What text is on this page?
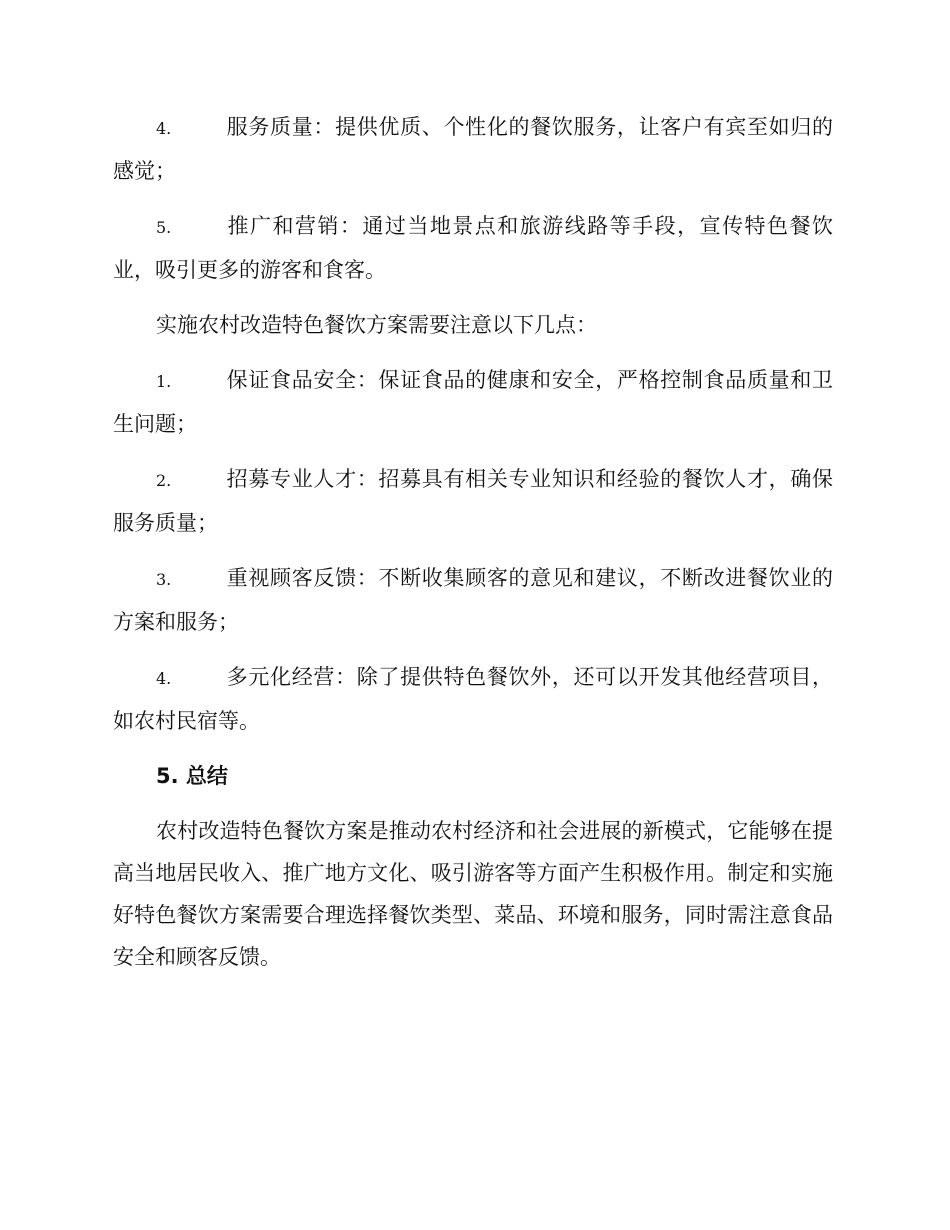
4.	服务质量：提供优质、个性化的餐饮服务，让客户有宾至如归的感觉；

5.	推广和营销：通过当地景点和旅游线路等手段，宣传特色餐饮业，吸引更多的游客和食客。

实施农村改造特色餐饮方案需要注意以下几点：

1.	保证食品安全：保证食品的健康和安全，严格控制食品质量和卫生问题；

2.	招募专业人才：招募具有相关专业知识和经验的餐饮人才，确保服务质量；

3.	重视顾客反馈：不断收集顾客的意见和建议，不断改进餐饮业的方案和服务；

4.	多元化经营：除了提供特色餐饮外，还可以开发其他经营项目，如农村民宿等。

5. 总结

农村改造特色餐饮方案是推动农村经济和社会进展的新模式，它能够在提高当地居民收入、推广地方文化、吸引游客等方面产生积极作用。制定和实施好特色餐饮方案需要合理选择餐饮类型、菜品、环境和服务，同时需注意食品安全和顾客反馈。
